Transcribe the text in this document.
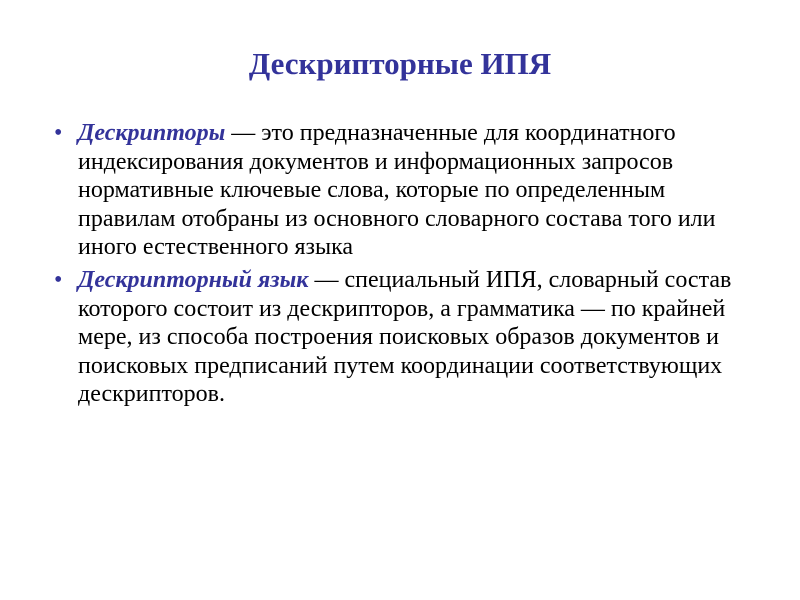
Дескрипторные ИПЯ
• Дескрипторы — это предназначенные для координатного индексирования документов и информационных запросов нормативные ключевые слова, которые по определенным правилам отобраны из основного словарного состава того или иного естественного языка
• Дескрипторный язык — специальный ИПЯ, словарный состав которого состоит из дескрипторов, а грамматика — по крайней мере, из способа построения поисковых образов документов и поисковых предписаний путем координации соответствующих дескрипторов.
